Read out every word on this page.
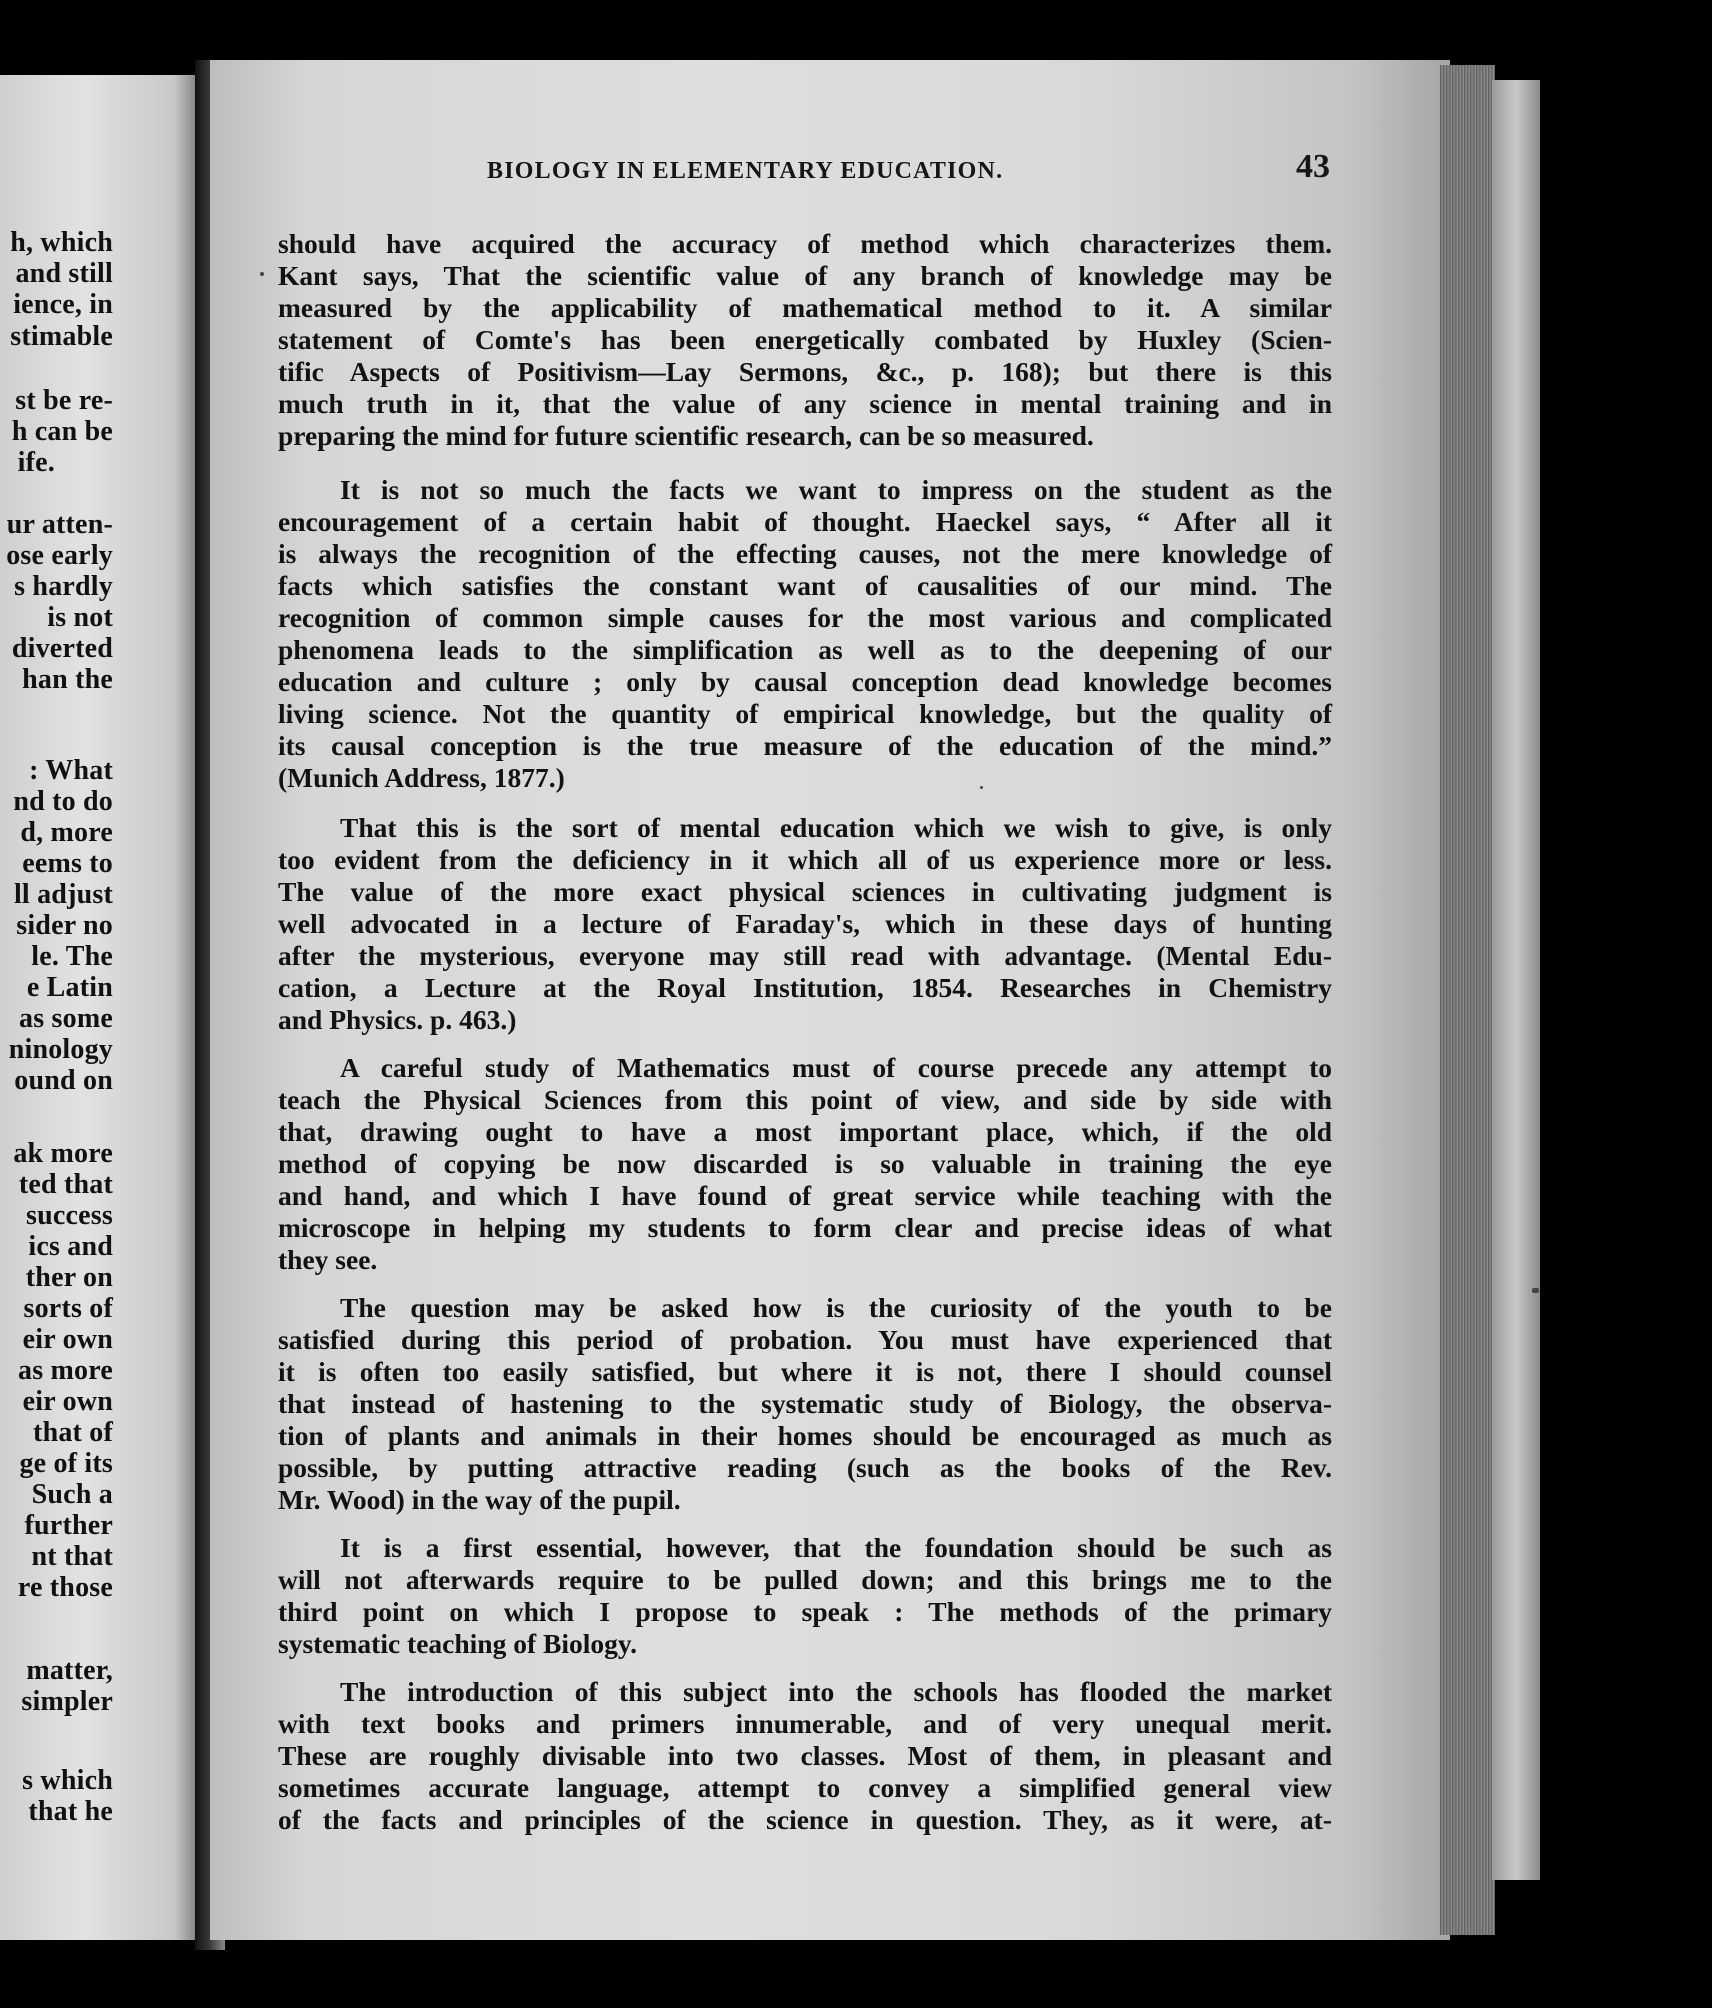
h, which
and still
ience, in
stimable
st be re-
h can be
ife.
ur atten-
ose early
s hardly
is not
diverted
han the
: What
nd to do
d, more
eems to
ll adjust
sider no
le. The
e Latin
as some
ninology
ound on
ak more
ted that
success
ics and
ther on
sorts of
eir own
as more
eir own
that of
ge of its
Such a
further
nt that
re those
matter,
simpler
s which
that he
BIOLOGY IN ELEMENTARY EDUCATION.	43
should have acquired the accuracy of method which characterizes them.
Kant says, That the scientific value of any branch of knowledge may be
measured by the applicability of mathematical method to it. A similar
statement of Comte's has been energetically combated by Huxley (Scien-
tific Aspects of Positivism—Lay Sermons, &c., p. 168); but there is this
much truth in it, that the value of any science in mental training and in
preparing the mind for future scientific research, can be so measured.
It is not so much the facts we want to impress on the student as the
encouragement of a certain habit of thought. Haeckel says, “ After all it
is always the recognition of the effecting causes, not the mere knowledge of
facts which satisfies the constant want of causalities of our mind. The
recognition of common simple causes for the most various and complicated
phenomena leads to the simplification as well as to the deepening of our
education and culture ; only by causal conception dead knowledge becomes
living science. Not the quantity of empirical knowledge, but the quality of
its causal conception is the true measure of the education of the mind.”
(Munich Address, 1877.)
That this is the sort of mental education which we wish to give, is only
too evident from the deficiency in it which all of us experience more or less.
The value of the more exact physical sciences in cultivating judgment is
well advocated in a lecture of Faraday's, which in these days of hunting
after the mysterious, everyone may still read with advantage. (Mental Edu-
cation, a Lecture at the Royal Institution, 1854. Researches in Chemistry
and Physics. p. 463.)
A careful study of Mathematics must of course precede any attempt to
teach the Physical Sciences from this point of view, and side by side with
that, drawing ought to have a most important place, which, if the old
method of copying be now discarded is so valuable in training the eye
and hand, and which I have found of great service while teaching with the
microscope in helping my students to form clear and precise ideas of what
they see.
The question may be asked how is the curiosity of the youth to be
satisfied during this period of probation. You must have experienced that
it is often too easily satisfied, but where it is not, there I should counsel
that instead of hastening to the systematic study of Biology, the observa-
tion of plants and animals in their homes should be encouraged as much as
possible, by putting attractive reading (such as the books of the Rev.
Mr. Wood) in the way of the pupil.
It is a first essential, however, that the foundation should be such as
will not afterwards require to be pulled down; and this brings me to the
third point on which I propose to speak : The methods of the primary
systematic teaching of Biology.
The introduction of this subject into the schools has flooded the market
with text books and primers innumerable, and of very unequal merit.
These are roughly divisable into two classes. Most of them, in pleasant and
sometimes accurate language, attempt to convey a simplified general view
of the facts and principles of the science in question. They, as it were, at-
